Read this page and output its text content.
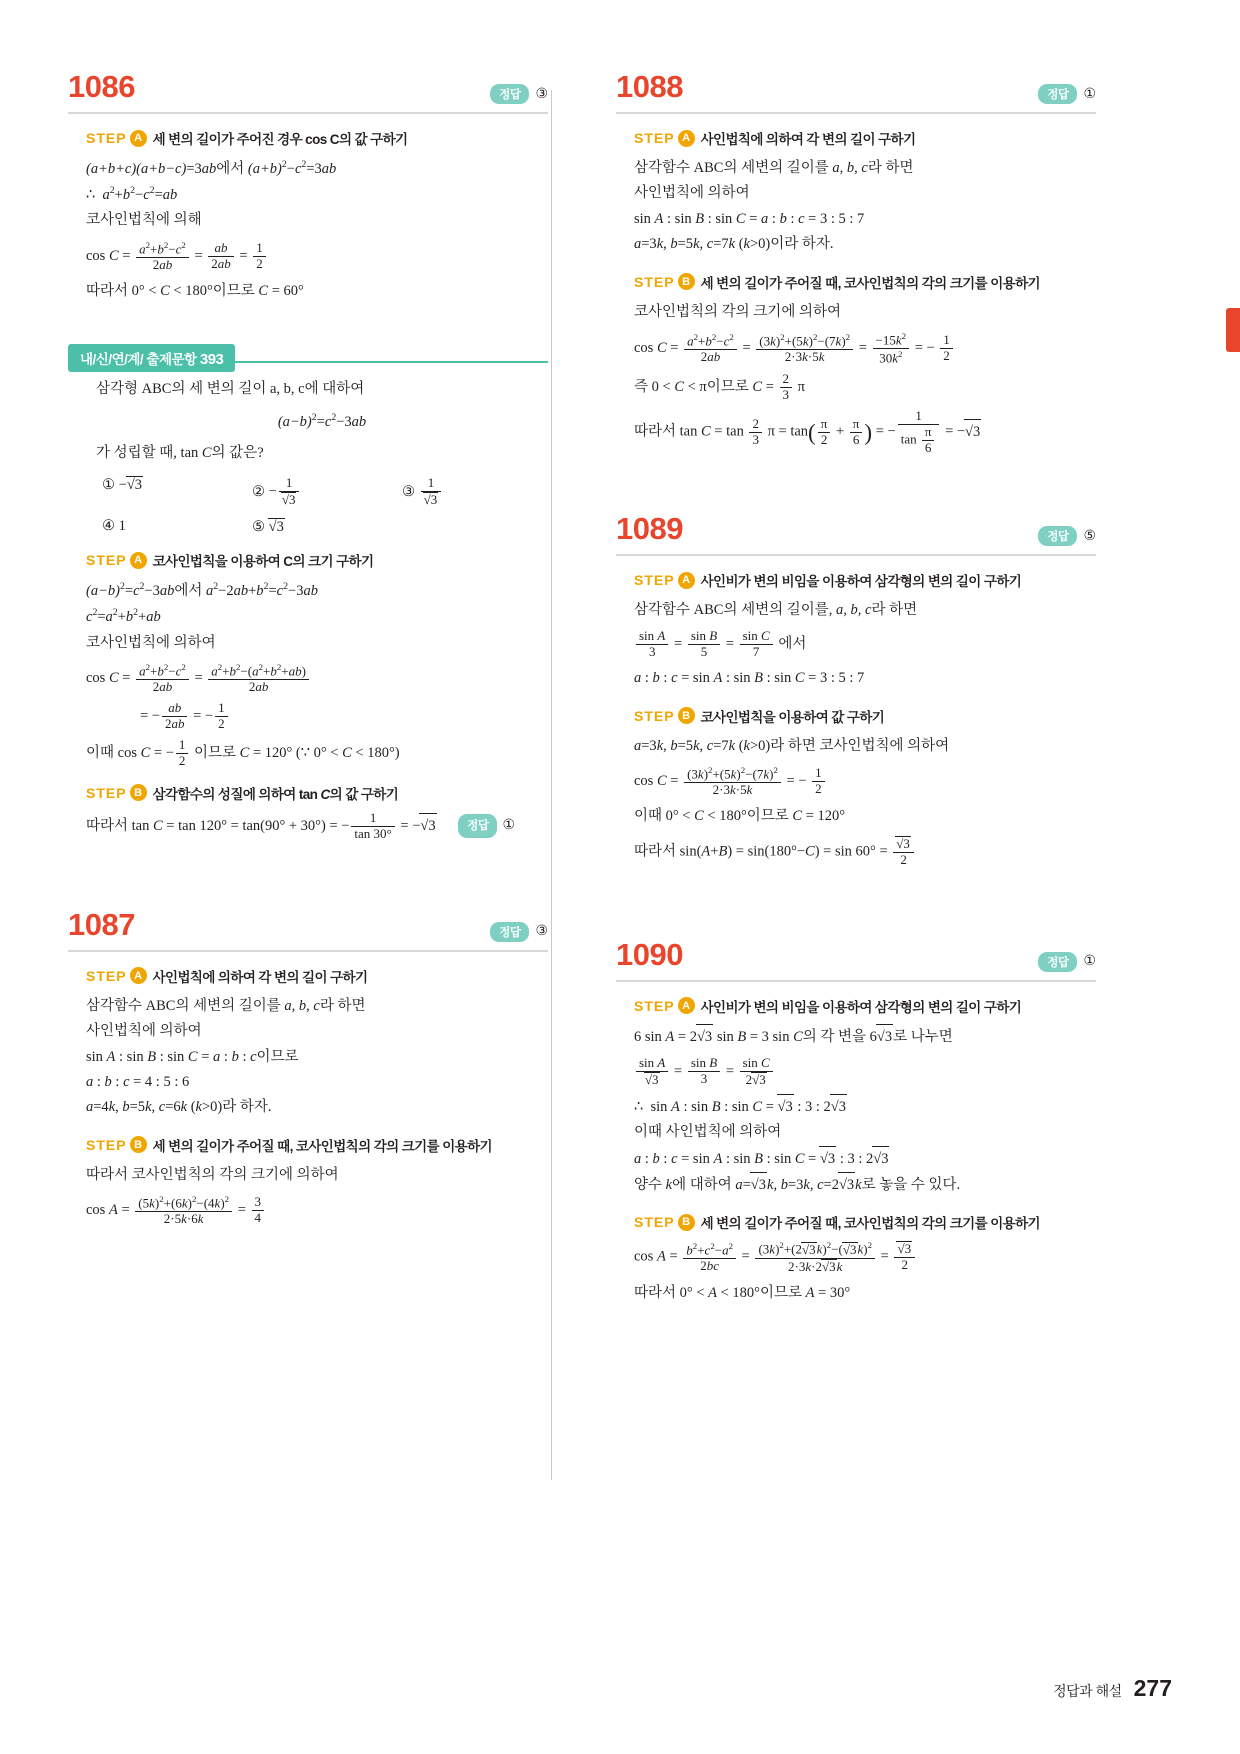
1086	정답	③
STEP A 세 변의 길이가 주어진 경우 cos C의 값 구하기
(a+b+c)(a+b−c)=3ab에서 $(a+b)^2-c^2=3ab$
∴  $a^2+b^2-c^2=ab$
코사인법칙에 의해
$\cos C = \frac{a^2+b^2-c^2}{2ab} = \frac{ab}{2ab} = \frac{1}{2}$
따라서 0° < C < 180°이므로 C = 60°
내/신/연/계/ 출제문항 393
삼각형 ABC의 세 변의 길이 a, b, c에 대하여
$(a-b)^2=c^2-3ab$
가 성립할 때, tan C의 값은?
① −√3	② − $\frac{1}{√3}$	③ $\frac{1}{√3}$
④ 1	⑤ √3
STEP A 코사인법칙을 이용하여 C의 크기 구하기
$(a-b)^2=c^2-3ab$에서 $a^2-2ab+b^2=c^2-3ab$
$c^2=a^2+b^2+ab$
코사인법칙에 의하여
$\cos C = \frac{a^2+b^2-c^2}{2ab} = \frac{a^2+b^2-(a^2+b^2+ab)}{2ab}$
= − $\frac{ab}{2ab}$ = − $\frac{1}{2}$
이때 cos C = − $\frac{1}{2}$ 이므로 C = 120° (∵ 0° < C < 180°)
STEP B 삼각함수의 성질에 의하여 tan C의 값 구하기
따라서 tan C = tan 120° = tan(90° + 30°) = − $\frac{1}{\tan 30^\circ} = -√3$	정답	①
1087	정답	③
STEP A 사인법칙에 의하여 각 변의 길이 구하기
삼각함수 ABC의 세변의 길이를 a, b, c라 하면
사인법칙에 의하여
sin A : sin B : sin C = a : b : c이므로
a : b : c = 4 : 5 : 6
a=4k, b=5k, c=6k (k>0)라 하자.
STEP B 세 변의 길이가 주어질 때, 코사인법칙의 각의 크기를 이용하기
따라서 코사인법칙의 각의 크기에 의하여
$\cos A = \frac{(5k)^2+(6k)^2-(4k)^2}{2\cdot 5k\cdot 6k} = \frac{3}{4}$
1088	정답	①
STEP A 사인법칙에 의하여 각 변의 길이 구하기
삼각함수 ABC의 세변의 길이를 a, b, c라 하면
사인법칙에 의하여
sin A : sin B : sin C = a : b : c = 3 : 5 : 7
a=3k, b=5k, c=7k (k>0)이라 하자.
STEP B 세 변의 길이가 주어질 때, 코사인법칙의 각의 크기를 이용하기
코사인법칙의 각의 크기에 의하여
$\cos C = \frac{a^2+b^2-c^2}{2ab} = \frac{(3k)^2+(5k)^2-(7k)^2}{2\cdot 3k\cdot 5k} = \frac{-15k^2}{30k^2}$ = − $\frac{1}{2}$
즉 0 < C < π이므로 $C = \frac{2}{3}$ π
따라서 $\tan C = \tan \frac{2}{3}$ $\pi = \tan( \frac{\pi}{2} + \frac{\pi}{6}$ ) = − $\frac{1}{\tan \frac{\pi}{6}} = -√3$
1089	정답	⑤
STEP A 사인비가 변의 비임을 이용하여 삼각형의 변의 길이 구하기
삼각함수 ABC의 세변의 길이를, a, b, c라 하면
$\frac{\text{sin A}}{3} = \frac{\text{sin B}}{5} = \frac{\text{sin C}}{7}$ 에서
a : b : c = sin A : sin B : sin C = 3 : 5 : 7
STEP B 코사인법칙을 이용하여 값 구하기
a=3k, b=5k, c=7k (k>0)라 하면 코사인법칙에 의하여
$\cos C = \frac{(3k)^2+(5k)^2-(7k)^2}{2\cdot 3k\cdot 5k}$ = − $\frac{1}{2}$
이때 0° < C < 180°이므로 C = 120°
따라서 $\sin(A+B) = \sin(180^\circ-C) = \sin 60^\circ = \frac{√3}{2}$
1090	정답	①
STEP A 사인비가 변의 비임을 이용하여 삼각형의 변의 길이 구하기
6 sin A = 2√3 sin B = 3 sin C의 각 변을 6√3로 나누면
$\frac{\text{sin A}}{√3} = \frac{\text{sin B}}{3} = \frac{\text{sin C}}{2√3}$
∴  sin A : sin B : sin C = √3 : 3 : 2√3
이때 사인법칙에 의하여
a : b : c = sin A : sin B : sin C = √3 : 3 : 2√3
양수 k에 대하여 a=√3k, b=3k, c=2√3k로 놓을 수 있다.
STEP B 세 변의 길이가 주어질 때, 코사인법칙의 각의 크기를 이용하기
$\cos A = \frac{b^2+c^2-a^2}{2bc} = \frac{(3k)^2+(2√3k)^2-(√3k)^2}{2\cdot 3k\cdot 2√3k} = \frac{√3}{2}$
따라서 0° < A < 180°이므로 A = 30°
정답과 해설 277
